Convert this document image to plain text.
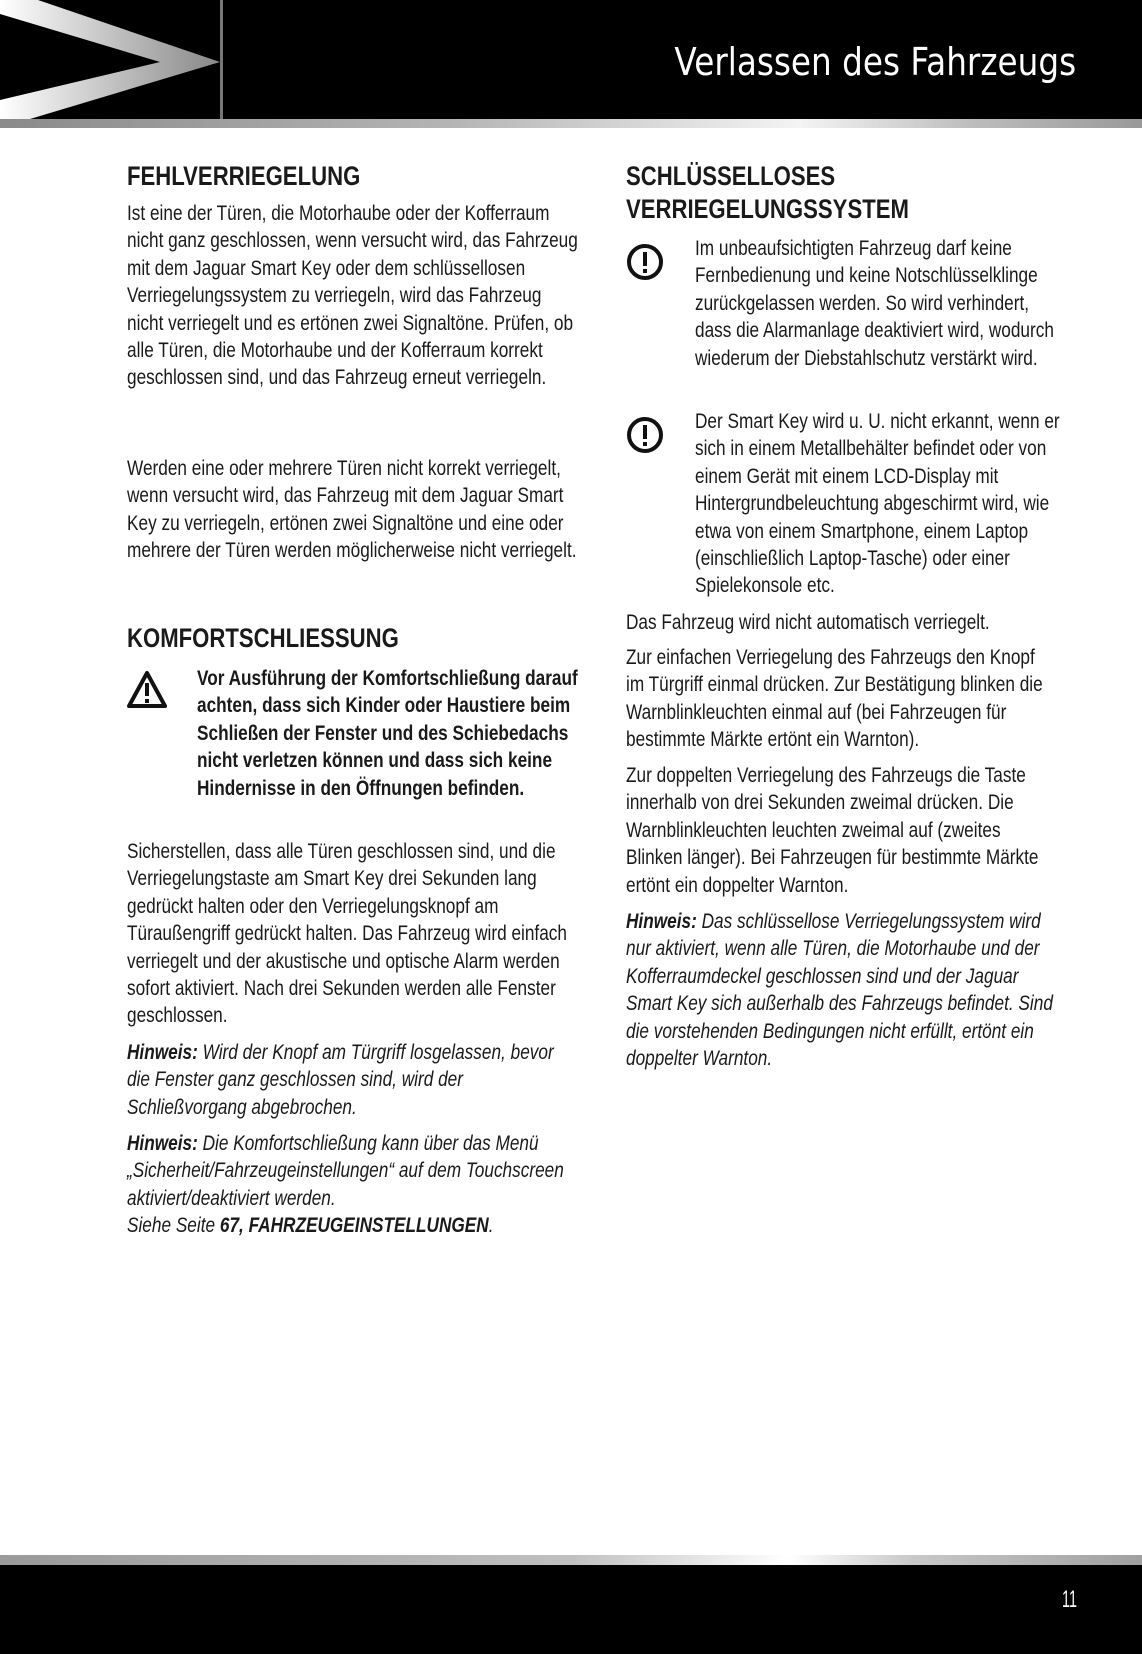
Verlassen des Fahrzeugs
FEHLVERRIEGELUNG
Ist eine der Türen, die Motorhaube oder der Kofferraum nicht ganz geschlossen, wenn versucht wird, das Fahrzeug mit dem Jaguar Smart Key oder dem schlüssellosen Verriegelungssystem zu verriegeln, wird das Fahrzeug nicht verriegelt und es ertönen zwei Signaltöne. Prüfen, ob alle Türen, die Motorhaube und der Kofferraum korrekt geschlossen sind, und das Fahrzeug erneut verriegeln.
Werden eine oder mehrere Türen nicht korrekt verriegelt, wenn versucht wird, das Fahrzeug mit dem Jaguar Smart Key zu verriegeln, ertönen zwei Signaltöne und eine oder mehrere der Türen werden möglicherweise nicht verriegelt.
KOMFORTSCHLIESSUNG
Vor Ausführung der Komfortschließung darauf achten, dass sich Kinder oder Haustiere beim Schließen der Fenster und des Schiebedachs nicht verletzen können und dass sich keine Hindernisse in den Öffnungen befinden.
Sicherstellen, dass alle Türen geschlossen sind, und die Verriegelungstaste am Smart Key drei Sekunden lang gedrückt halten oder den Verriegelungsknopf am Türaußengriff gedrückt halten. Das Fahrzeug wird einfach verriegelt und der akustische und optische Alarm werden sofort aktiviert. Nach drei Sekunden werden alle Fenster geschlossen.
Hinweis: Wird der Knopf am Türgriff losgelassen, bevor die Fenster ganz geschlossen sind, wird der Schließvorgang abgebrochen.
Hinweis: Die Komfortschließung kann über das Menü „Sicherheit/Fahrzeugeinstellungen“ auf dem Touchscreen aktiviert/deaktiviert werden.
Siehe Seite 67, FAHRZEUGEINSTELLUNGEN.
SCHLÜSSELLOSES
VERRIEGELUNGSSYSTEM
Im unbeaufsichtigten Fahrzeug darf keine Fernbedienung und keine Notschlüsselklinge zurückgelassen werden. So wird verhindert, dass die Alarmanlage deaktiviert wird, wodurch wiederum der Diebstahlschutz verstärkt wird.
Der Smart Key wird u. U. nicht erkannt, wenn er sich in einem Metallbehälter befindet oder von einem Gerät mit einem LCD-Display mit Hintergrundbeleuchtung abgeschirmt wird, wie etwa von einem Smartphone, einem Laptop (einschließlich Laptop-Tasche) oder einer Spielekonsole etc.
Das Fahrzeug wird nicht automatisch verriegelt.
Zur einfachen Verriegelung des Fahrzeugs den Knopf im Türgriff einmal drücken. Zur Bestätigung blinken die Warnblinkleuchten einmal auf (bei Fahrzeugen für bestimmte Märkte ertönt ein Warnton).
Zur doppelten Verriegelung des Fahrzeugs die Taste innerhalb von drei Sekunden zweimal drücken. Die Warnblinkleuchten leuchten zweimal auf (zweites Blinken länger). Bei Fahrzeugen für bestimmte Märkte ertönt ein doppelter Warnton.
Hinweis: Das schlüssellose Verriegelungssystem wird nur aktiviert, wenn alle Türen, die Motorhaube und der Kofferraumdeckel geschlossen sind und der Jaguar Smart Key sich außerhalb des Fahrzeugs befindet. Sind die vorstehenden Bedingungen nicht erfüllt, ertönt ein doppelter Warnton.
11
